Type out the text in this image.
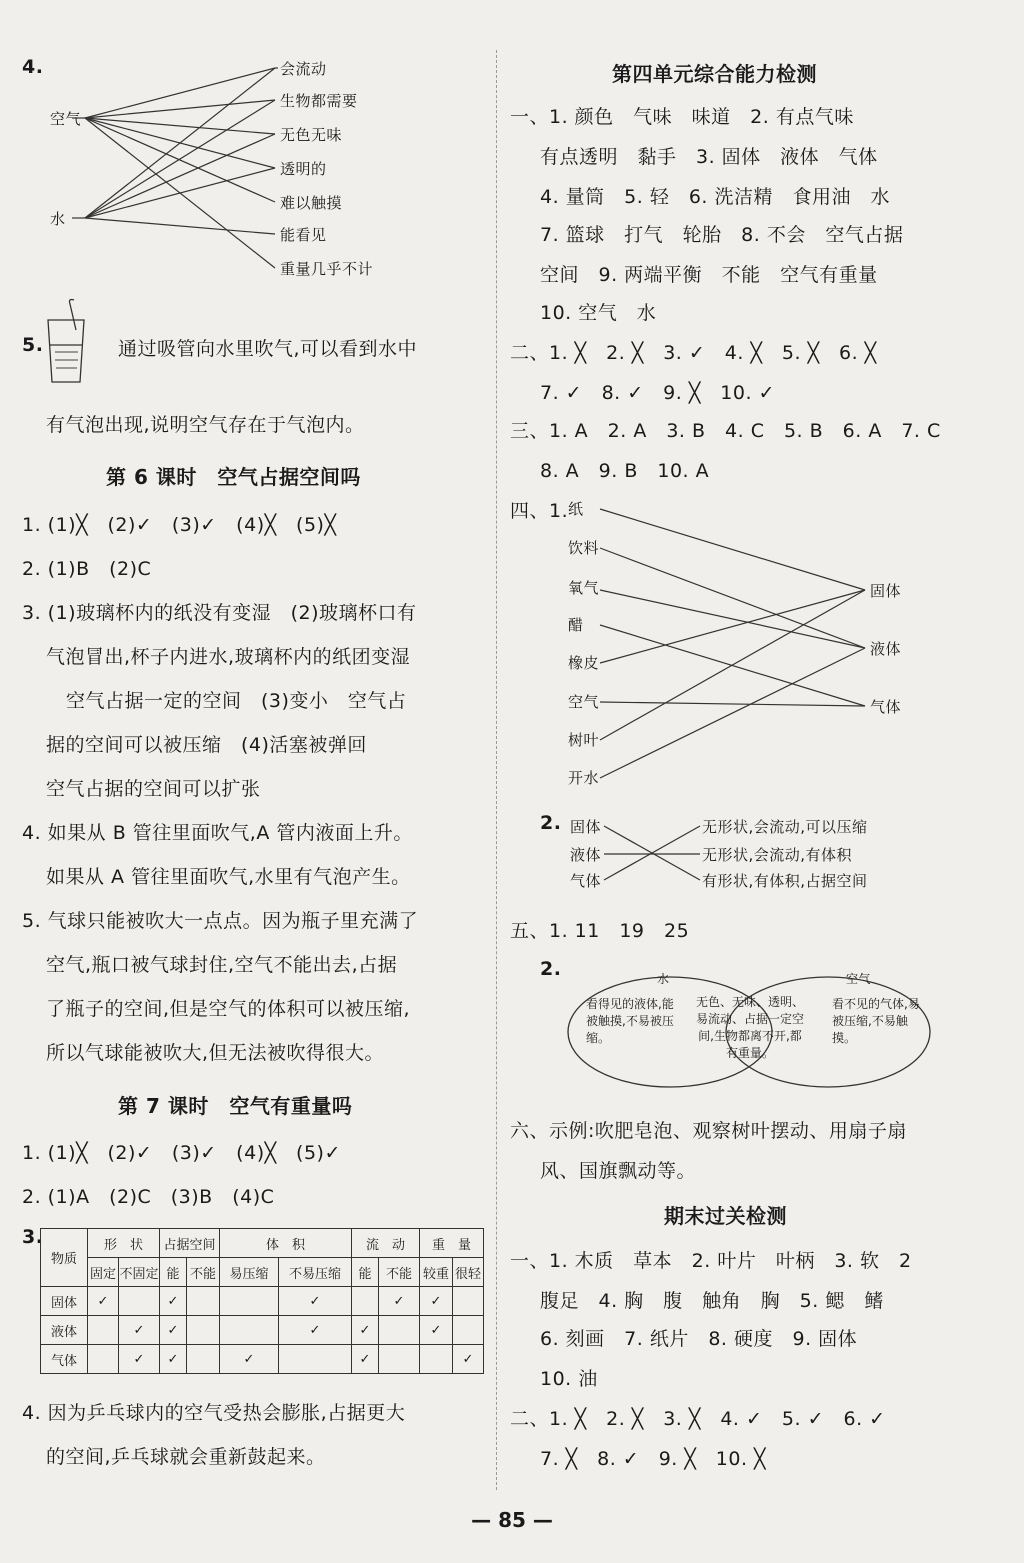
4.
空气
水
会流动
生物都需要
无色无味
透明的
难以触摸
能看见
重量几乎不计
5.	通过吸管向水里吹气,可以看到水中
有气泡出现,说明空气存在于气泡内。
第 6 课时　空气占据空间吗
1. (1)╳　(2)✓　(3)✓　(4)╳　(5)╳
2. (1)B　(2)C
3. (1)玻璃杯内的纸没有变湿　(2)玻璃杯口有
气泡冒出,杯子内进水,玻璃杯内的纸团变湿
空气占据一定的空间　(3)变小　空气占
据的空间可以被压缩　(4)活塞被弹回
空气占据的空间可以扩张
4. 如果从 B 管往里面吹气,A 管内液面上升。
如果从 A 管往里面吹气,水里有气泡产生。
5. 气球只能被吹大一点点。因为瓶子里充满了
空气,瓶口被气球封住,空气不能出去,占据
了瓶子的空间,但是空气的体积可以被压缩,
所以气球能被吹大,但无法被吹得很大。
第 7 课时　空气有重量吗
1. (1)╳　(2)✓　(3)✓　(4)╳　(5)✓
2. (1)A　(2)C　(3)B　(4)C
3.
物质	形　状		占据空间		体　积		流　动		重　量	
	固定	不固定	能	不能	易压缩	不易压缩	能	不能	较重	很轻
固体	✓		✓			✓		✓	✓	
液体		✓	✓			✓	✓		✓	
气体		✓	✓		✓		✓			✓
4. 因为乒乓球内的空气受热会膨胀,占据更大
的空间,乒乓球就会重新鼓起来。
第四单元综合能力检测
一、1. 颜色　气味　味道　2. 有点气味
有点透明　黏手　3. 固体　液体　气体
4. 量筒　5. 轻　6. 洗洁精　食用油　水
7. 篮球　打气　轮胎　8. 不会　空气占据
空间　9. 两端平衡　不能　空气有重量
10. 空气　水
二、1. ╳　2. ╳　3. ✓　4. ╳　5. ╳　6. ╳
7. ✓　8. ✓　9. ╳　10. ✓
三、1. A　2. A　3. B　4. C　5. B　6. A　7. C
8. A　9. B　10. A
四、1. 纸
饮料
氧气
醋
橡皮
空气
树叶
开水
固体
液体
气体
2. 固体
液体
气体
无形状,会流动,可以压缩
无形状,会流动,有体积
有形状,有体积,占据空间
五、1. 11　19　25
2.	水	空气
看得见的液体,能被触摸,不易被压缩。
无色、无味、透明、易流动、占据一定空间,生物都离不开,都有重量。
看不见的气体,易被压缩,不易触摸。
六、示例:吹肥皂泡、观察树叶摆动、用扇子扇
风、国旗飘动等。
期末过关检测
一、1. 木质　草本　2. 叶片　叶柄　3. 软　2
腹足　4. 胸　腹　触角　胸　5. 鳃　鳍
6. 刻画　7. 纸片　8. 硬度　9. 固体
10. 油
二、1. ╳　2. ╳　3. ╳　4. ✓　5. ✓　6. ✓
7. ╳　8. ✓　9. ╳　10. ╳
— 85 —
